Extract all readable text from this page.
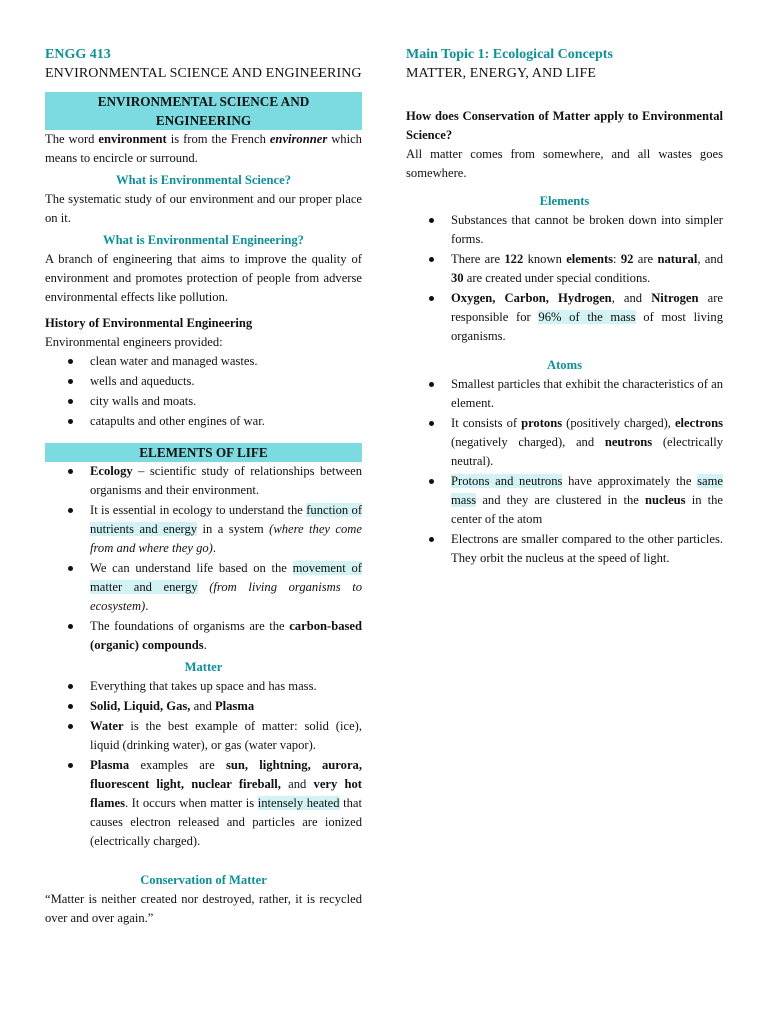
ENGG 413
ENVIRONMENTAL SCIENCE AND ENGINEERING
ENVIRONMENTAL SCIENCE AND ENGINEERING

The word environment is from the French environner which means to encircle or surround.

What is Environmental Science?

The systematic study of our environment and our proper place on it.

What is Environmental Engineering?

A branch of engineering that aims to improve the quality of environment and promotes protection of people from adverse environmental effects like pollution.

History of Environmental Engineering

Environmental engineers provided:

clean water and managed wastes.
wells and aqueducts.
city walls and moats.
catapults and other engines of war.
ELEMENTS OF LIFE
Ecology – scientific study of relationships between organisms and their environment.
It is essential in ecology to understand the function of nutrients and energy in a system (where they come from and where they go).
We can understand life based on the movement of matter and energy (from living organisms to ecosystem).
The foundations of organisms are the carbon-based (organic) compounds.
Matter
Everything that takes up space and has mass.
Solid, Liquid, Gas, and Plasma
Water is the best example of matter: solid (ice), liquid (drinking water), or gas (water vapor).
Plasma examples are sun, lightning, aurora, fluorescent light, nuclear fireball, and very hot flames. It occurs when matter is intensely heated that causes electron released and particles are ionized (electrically charged).
Conservation of Matter

“Matter is neither created nor destroyed, rather, it is recycled over and over again.”

Main Topic 1: Ecological Concepts
MATTER, ENERGY, AND LIFE

How does Conservation of Matter apply to Environmental Science?

All matter comes from somewhere, and all wastes goes somewhere.

Elements
Substances that cannot be broken down into simpler forms.
There are 122 known elements: 92 are natural, and 30 are created under special conditions.
Oxygen, Carbon, Hydrogen, and Nitrogen are responsible for 96% of the mass of most living organisms.
Atoms
Smallest particles that exhibit the characteristics of an element.
It consists of protons (positively charged), electrons (negatively charged), and neutrons (electrically neutral).
Protons and neutrons have approximately the same mass and they are clustered in the nucleus in the center of the atom
Electrons are smaller compared to the other particles. They orbit the nucleus at the speed of light.
